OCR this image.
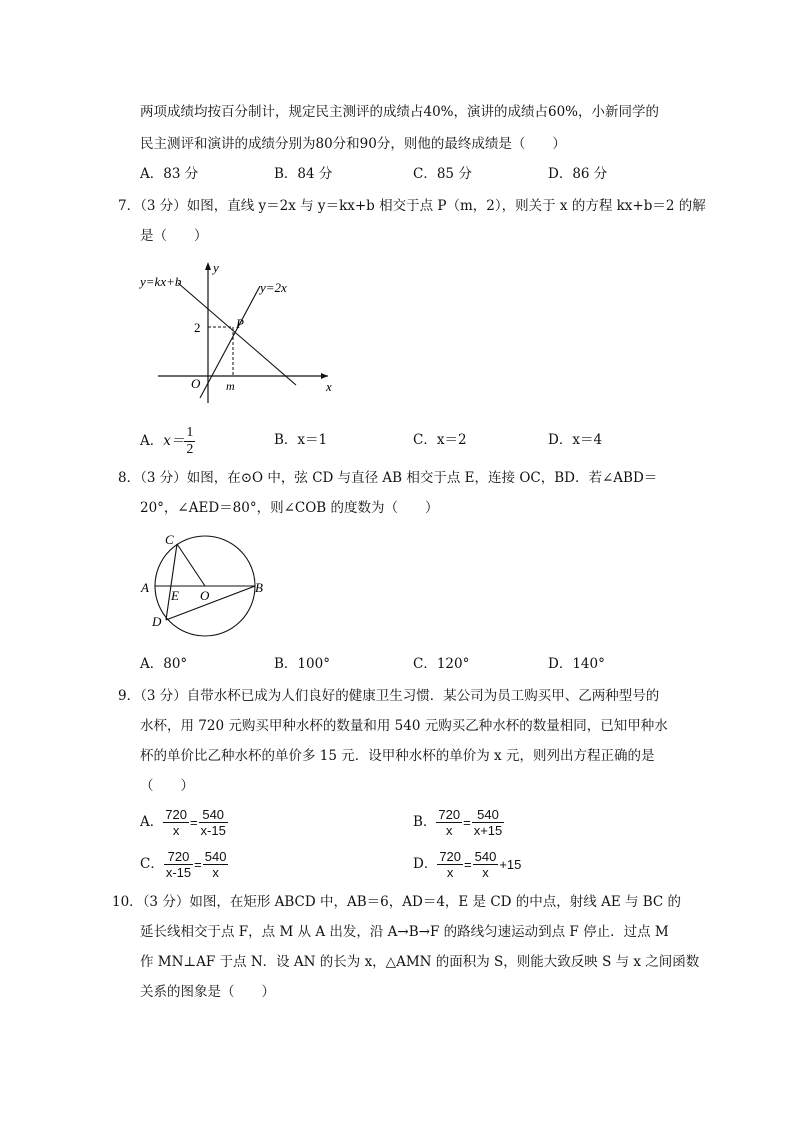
两项成绩均按百分制计，规定民主测评的成绩占40%，演讲的成绩占60%，小新同学的
民主测评和演讲的成绩分别为80分和90分，则他的最终成绩是（　　）
A．83 分	B．84 分	C．85 分	D．86 分
7．（3 分）如图，直线 y＝2x 与 y＝kx+b 相交于点 P（m，2），则关于 x 的方程 kx+b＝2 的解
是（　　）
y=kx+b	y=2x
y
x
2	P
O m
A．$x= \frac{1}{2}$	B．x＝1	C．x＝2	D．x＝4
8．（3 分）如图，在⊙O 中，弦 CD 与直径 AB 相交于点 E，连接 OC，BD．若∠ABD＝
20°，∠AED＝80°，则∠COB 的度数为（　　）
C
A	B
E O
D
A．80°	B．100°	C．120°	D．140°
9．（3 分）自带水杯已成为人们良好的健康卫生习惯．某公司为员工购买甲、乙两种型号的
水杯，用 720 元购买甲种水杯的数量和用 540 元购买乙种水杯的数量相同，已知甲种水
杯的单价比乙种水杯的单价多 15 元．设甲种水杯的单价为 x 元，则列出方程正确的是
（　　）
A． $\frac{720}{x} = \frac{540}{x-15}$	B． $\frac{720}{x} = \frac{540}{x+15}$
C． $\frac{720}{x-15} = \frac{540}{x}$	D． $\frac{720}{x} = \frac{540}{x} +15$
10．（3 分）如图，在矩形 ABCD 中，AB＝6，AD＝4，E 是 CD 的中点，射线 AE 与 BC 的
延长线相交于点 F，点 M 从 A 出发，沿 A→B→F 的路线匀速运动到点 F 停止．过点 M
作 MN⊥AF 于点 N．设 AN 的长为 x，△AMN 的面积为 S，则能大致反映 S 与 x 之间函数
关系的图象是（　　）
